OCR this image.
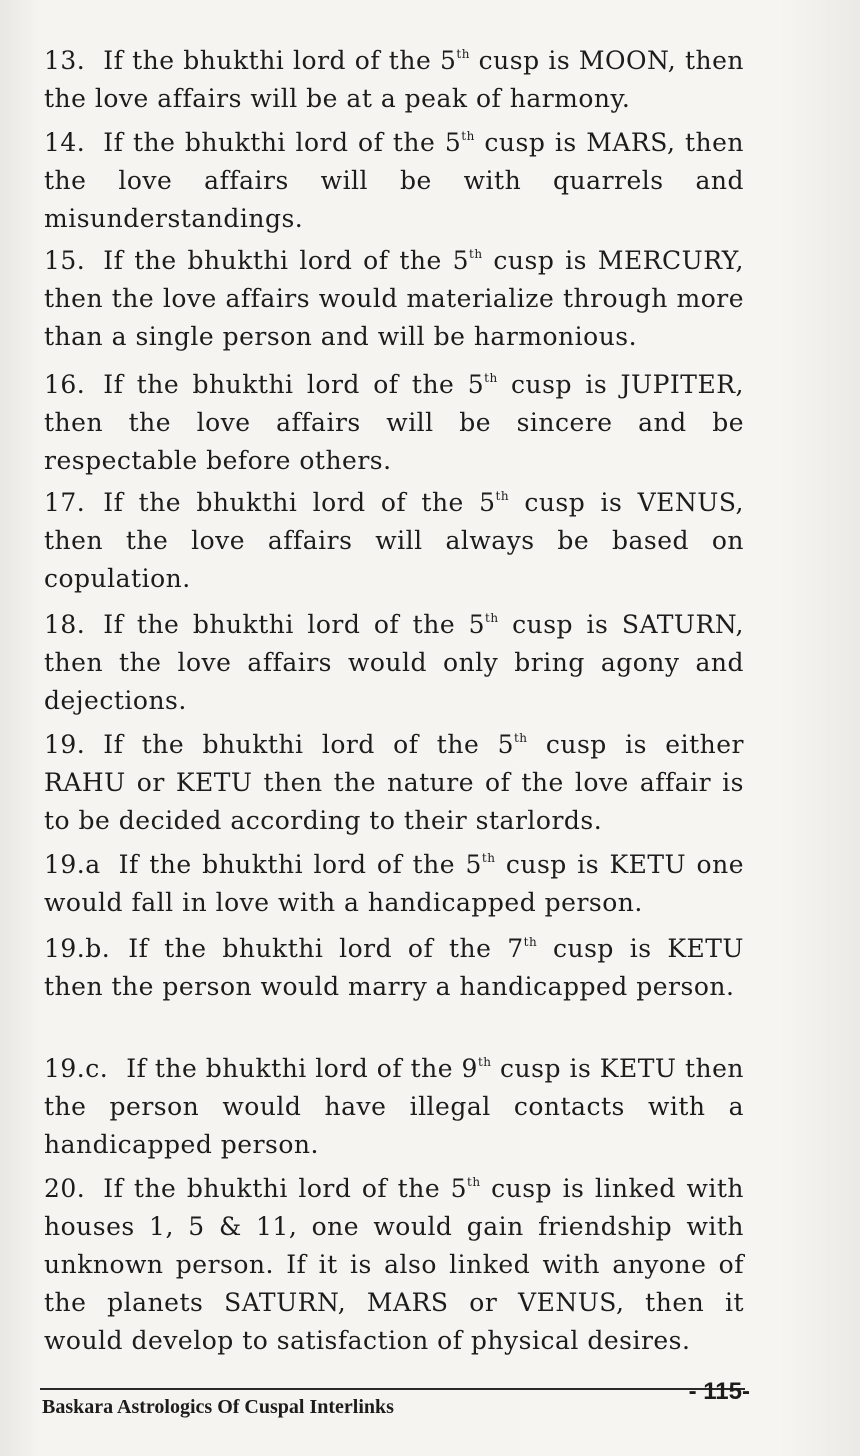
13. If the bhukthi lord of the 5th cusp is MOON, then the love affairs will be at a peak of harmony.
14. If the bhukthi lord of the 5th cusp is MARS, then the love affairs will be with quarrels and misunderstandings.
15. If the bhukthi lord of the 5th cusp is MERCURY, then the love affairs would materialize through more than a single person and will be harmonious.
16. If the bhukthi lord of the 5th cusp is JUPITER, then the love affairs will be sincere and be respectable before others.
17. If the bhukthi lord of the 5th cusp is VENUS, then the love affairs will always be based on copulation.
18. If the bhukthi lord of the 5th cusp is SATURN, then the love affairs would only bring agony and dejections.
19. If the bhukthi lord of the 5th cusp is either RAHU or KETU then the nature of the love affair is to be decided according to their starlords.
19.a If the bhukthi lord of the 5th cusp is KETU one would fall in love with a handicapped person.
19.b. If the bhukthi lord of the 7th cusp is KETU then the person would marry a handicapped person.
19.c. If the bhukthi lord of the 9th cusp is KETU then the person would have illegal contacts with a handicapped person.
20. If the bhukthi lord of the 5th cusp is linked with houses 1, 5 & 11, one would gain friendship with unknown person. If it is also linked with anyone of the planets SATURN, MARS or VENUS, then it would develop to satisfaction of physical desires.
Baskara Astrologics Of Cuspal Interlinks
- 115-
